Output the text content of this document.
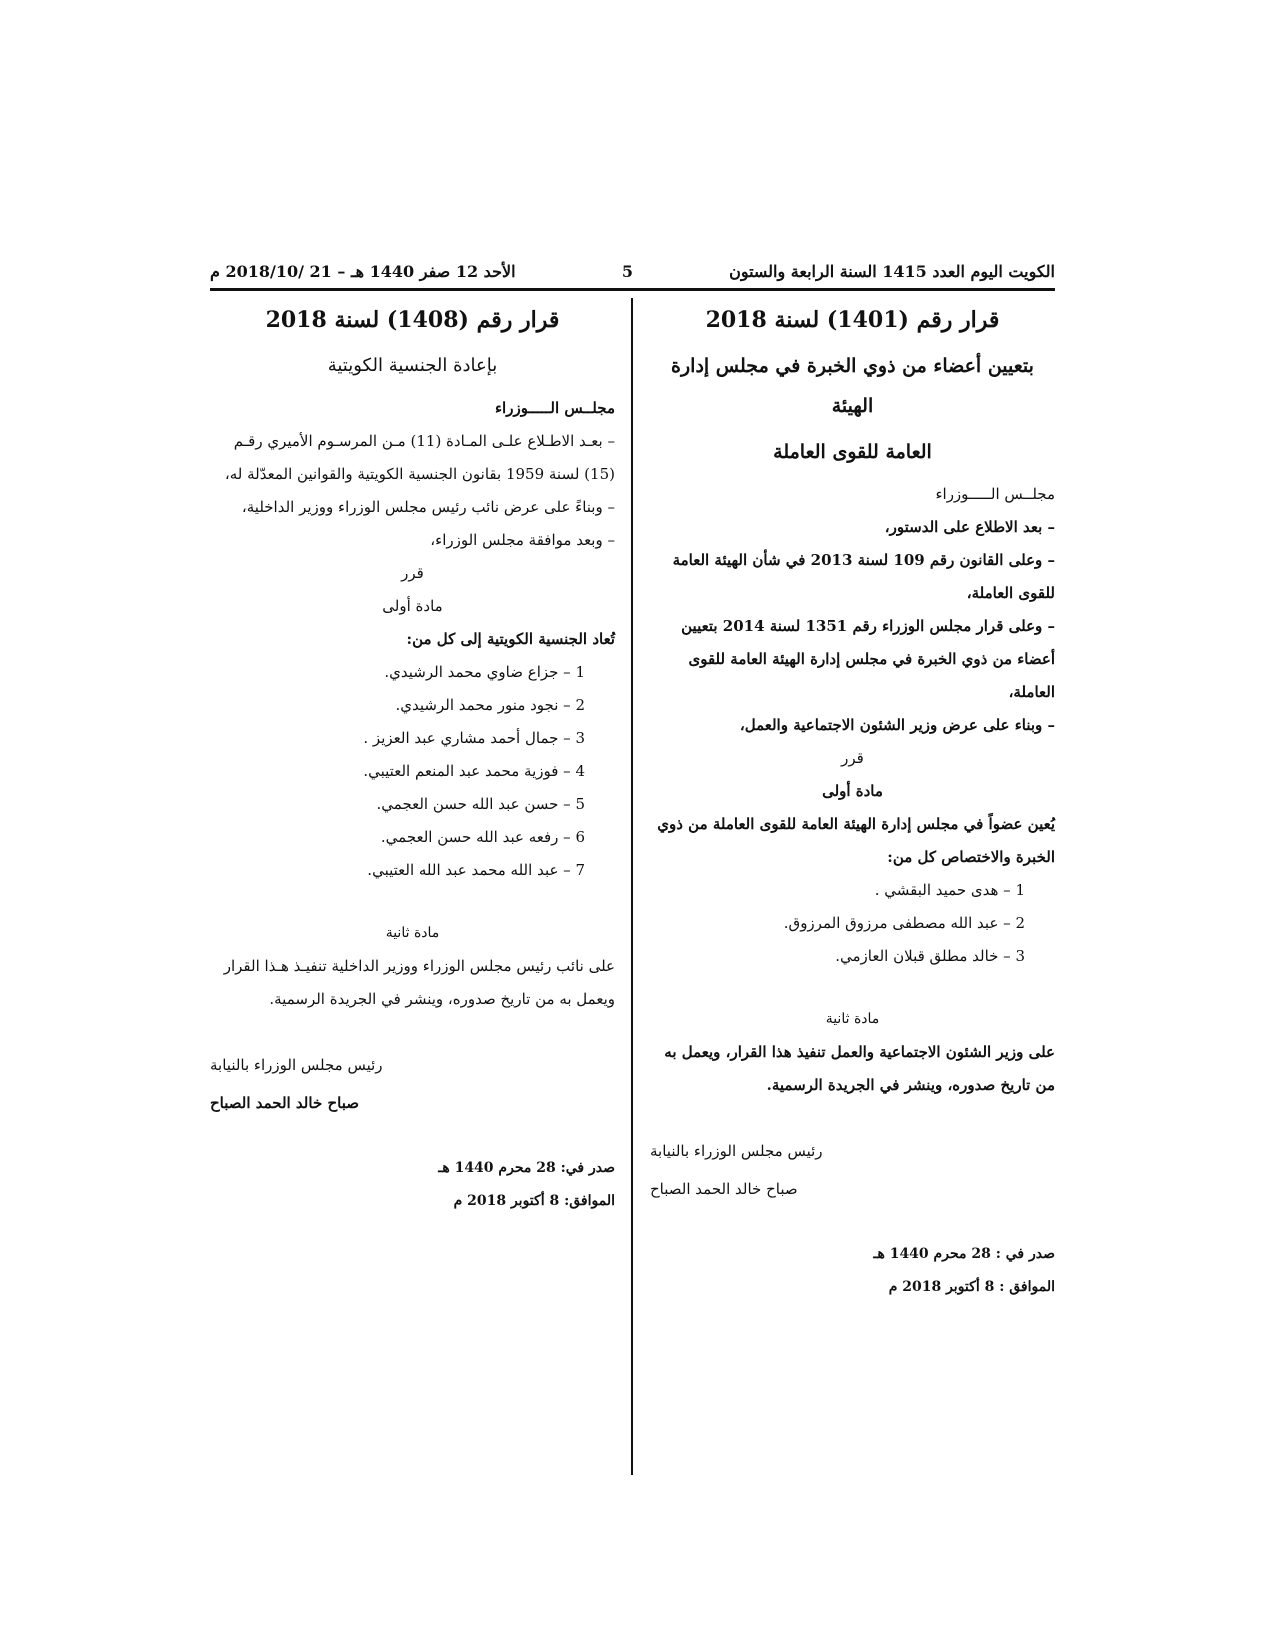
الكويت اليوم العدد 1415 السنة الرابعة والستون
5
الأحد 12 صفر 1440 هـ – 21 /2018/10 م

قرار رقم (1401) لسنة 2018

بتعيين أعضاء من ذوي الخبرة في مجلس إدارة الهيئة

العامة للقوى العاملة

مجلــس الـــــوزراء

– بعد الاطلاع على الدستور،

– وعلى القانون رقم 109 لسنة 2013 في شأن الهيئة العامة للقوى العاملة،

– وعلى قرار مجلس الوزراء رقم 1351 لسنة 2014 بتعيين أعضاء من ذوي الخبرة في مجلس إدارة الهيئة العامة للقوى العاملة،

– وبناء على عرض وزير الشئون الاجتماعية والعمل،

قرر

مادة أولى

يُعين عضواً في مجلس إدارة الهيئة العامة للقوى العاملة من ذوي الخبرة والاختصاص كل من:

1 – هدى حميد البقشي .
2 – عبد الله مصطفى مرزوق المرزوق.
3 – خالد مطلق قبلان العازمي.

مادة ثانية

على وزير الشئون الاجتماعية والعمل تنفيذ هذا القرار، ويعمل به من تاريخ صدوره، وينشر في الجريدة الرسمية.

رئيس مجلس الوزراء بالنيابة

صباح خالد الحمد الصباح

صدر في : 28 محرم 1440 هـ

الموافق : 8 أكتوبر 2018 م

قرار رقم (1408) لسنة 2018

بإعادة الجنسية الكويتية

مجلــس الـــــوزراء

– بعـد الاطـلاع علـى المـادة (11) مـن المرسـوم الأميري رقـم (15) لسنة 1959 بقانون الجنسية الكويتية والقوانين المعدّلة له،

– وبناءً على عرض نائب رئيس مجلس الوزراء ووزير الداخلية،

– وبعد موافقة مجلس الوزراء،

قرر

مادة أولى

تُعاد الجنسية الكويتية إلى كل من:

1 – جزاع ضاوي محمد الرشيدي.
2 – نجود منور محمد الرشيدي.
3 – جمال أحمد مشاري عبد العزيز .
4 – فوزية محمد عبد المنعم العتيبي.
5 – حسن عبد الله حسن العجمي.
6 – رفعه عبد الله حسن العجمي.
7 – عبد الله محمد عبد الله العتيبي.

مادة ثانية

على نائب رئيس مجلس الوزراء ووزير الداخلية تنفيـذ هـذا القرار ويعمل به من تاريخ صدوره، وينشر في الجريدة الرسمية.

رئيس مجلس الوزراء بالنيابة

صباح خالد الحمد الصباح

صدر في: 28 محرم 1440 هـ

الموافق: 8 أكتوبر 2018 م
